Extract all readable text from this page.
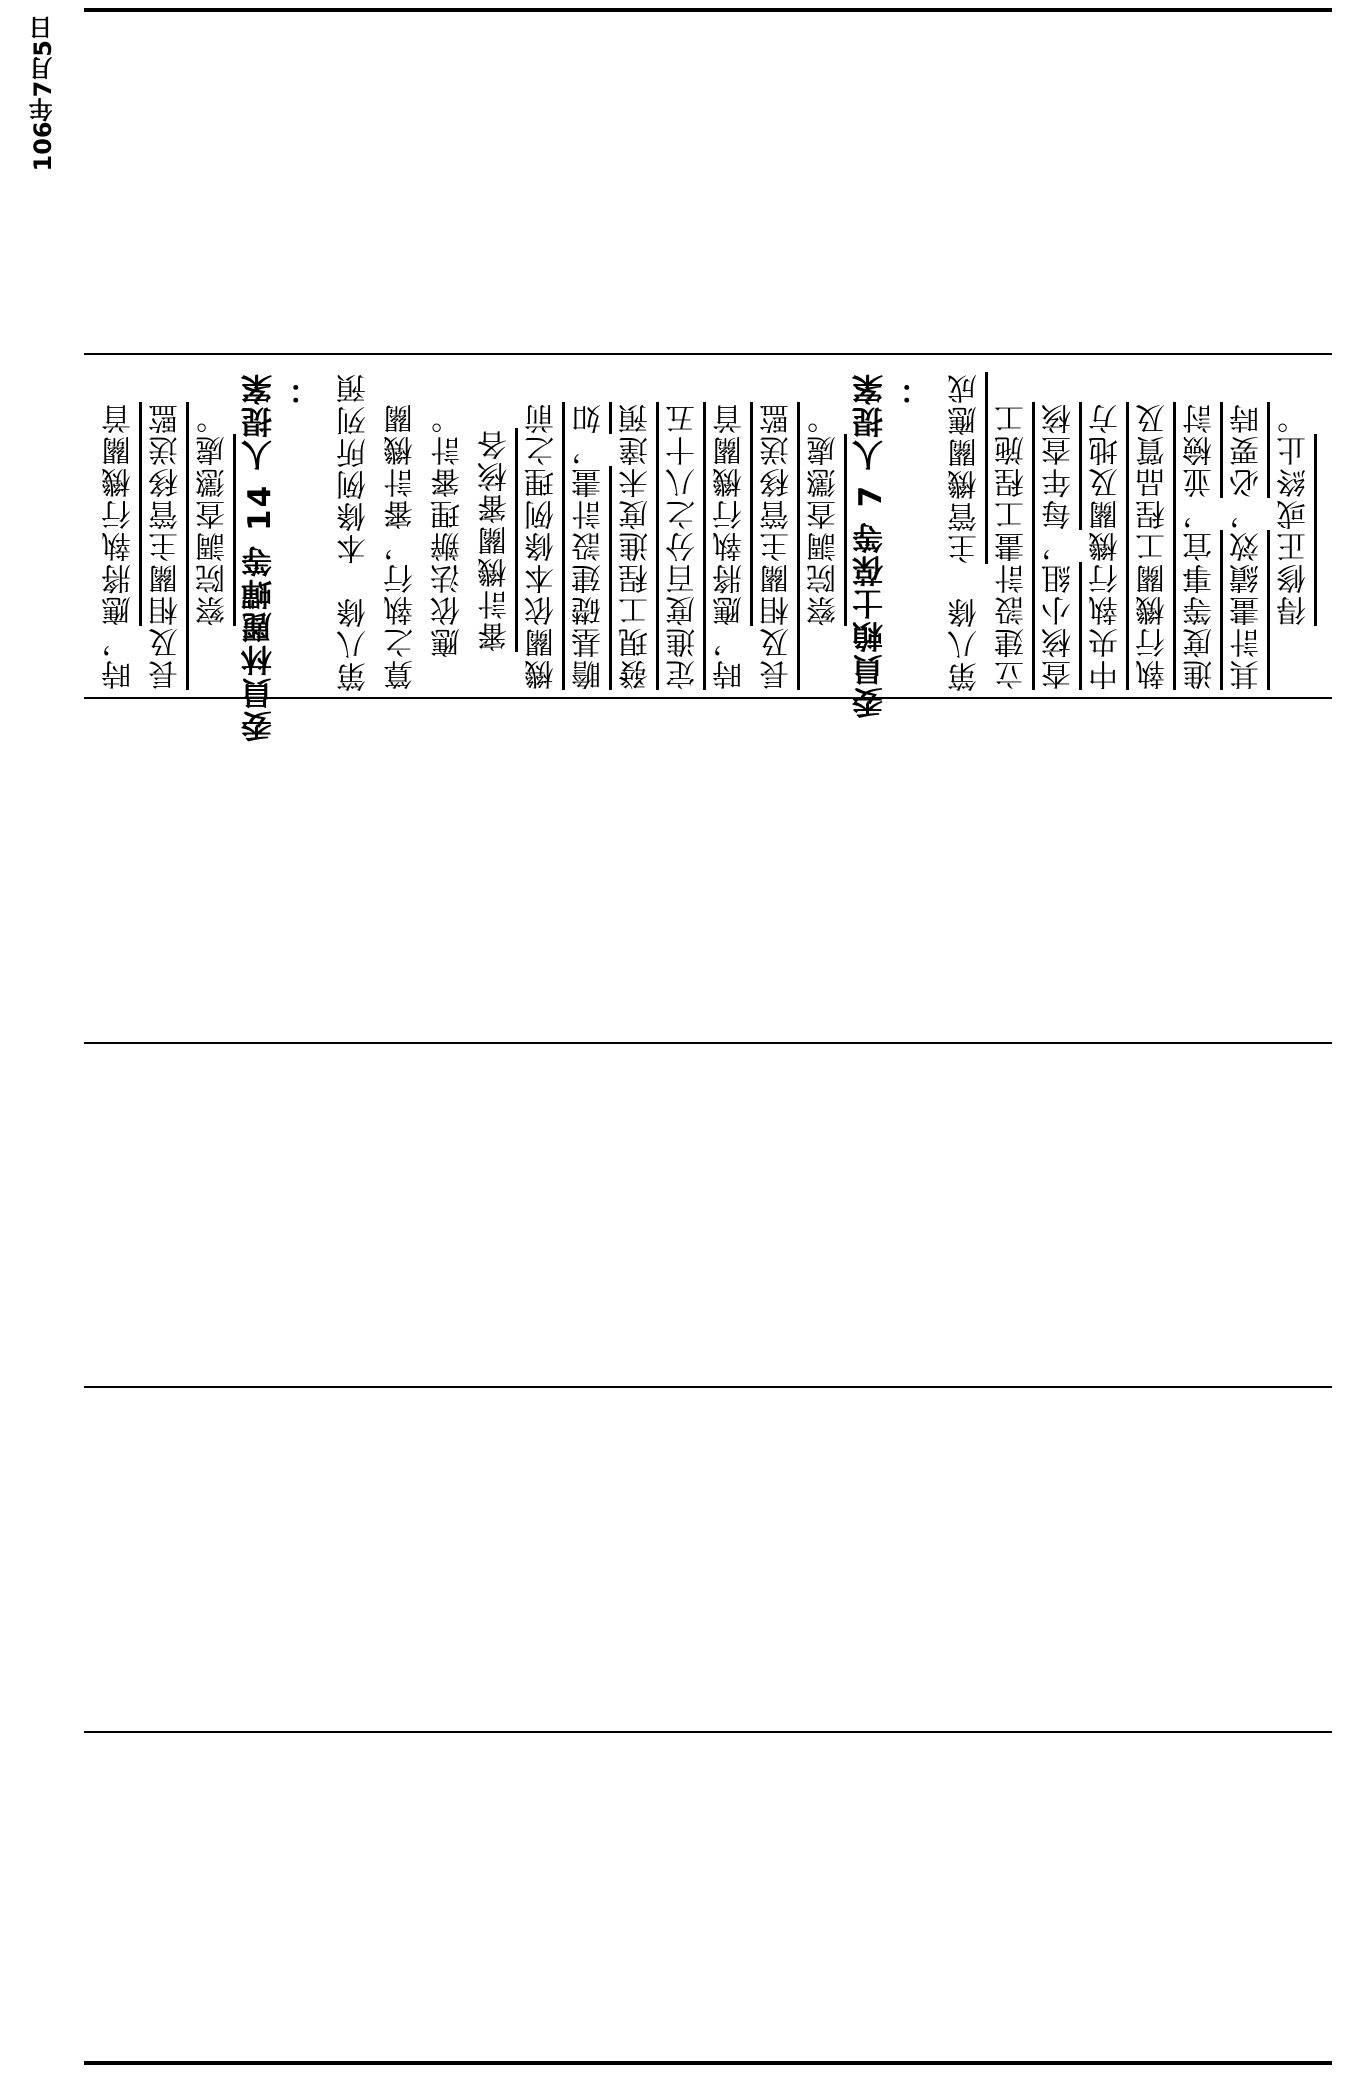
106年7月5日
時，應將執行機關首 長及相關主管移送監 察院調查懲處。 委員林麗蟬等 14 人提案 ： 第八條　本條例所列預 算之執行，審計機關 應依法辦理審計。 審計機關審核各 機關依本條例理之前 瞻基礎建設計畫，如 發現工程進度未達預 定進度百分之八十五 時，應將執行機關首 長及相關主管移送監 察院調查懲處。 委員賴士葆等 7 人提案 ：
第八條　主管機關應成 立建設計畫工程施工 查核小組，每年查核 中央執行機關及地方 執行機關工程品質及 進度等事宜，並檢討
其計畫績效，必要時 得修正或終止。
